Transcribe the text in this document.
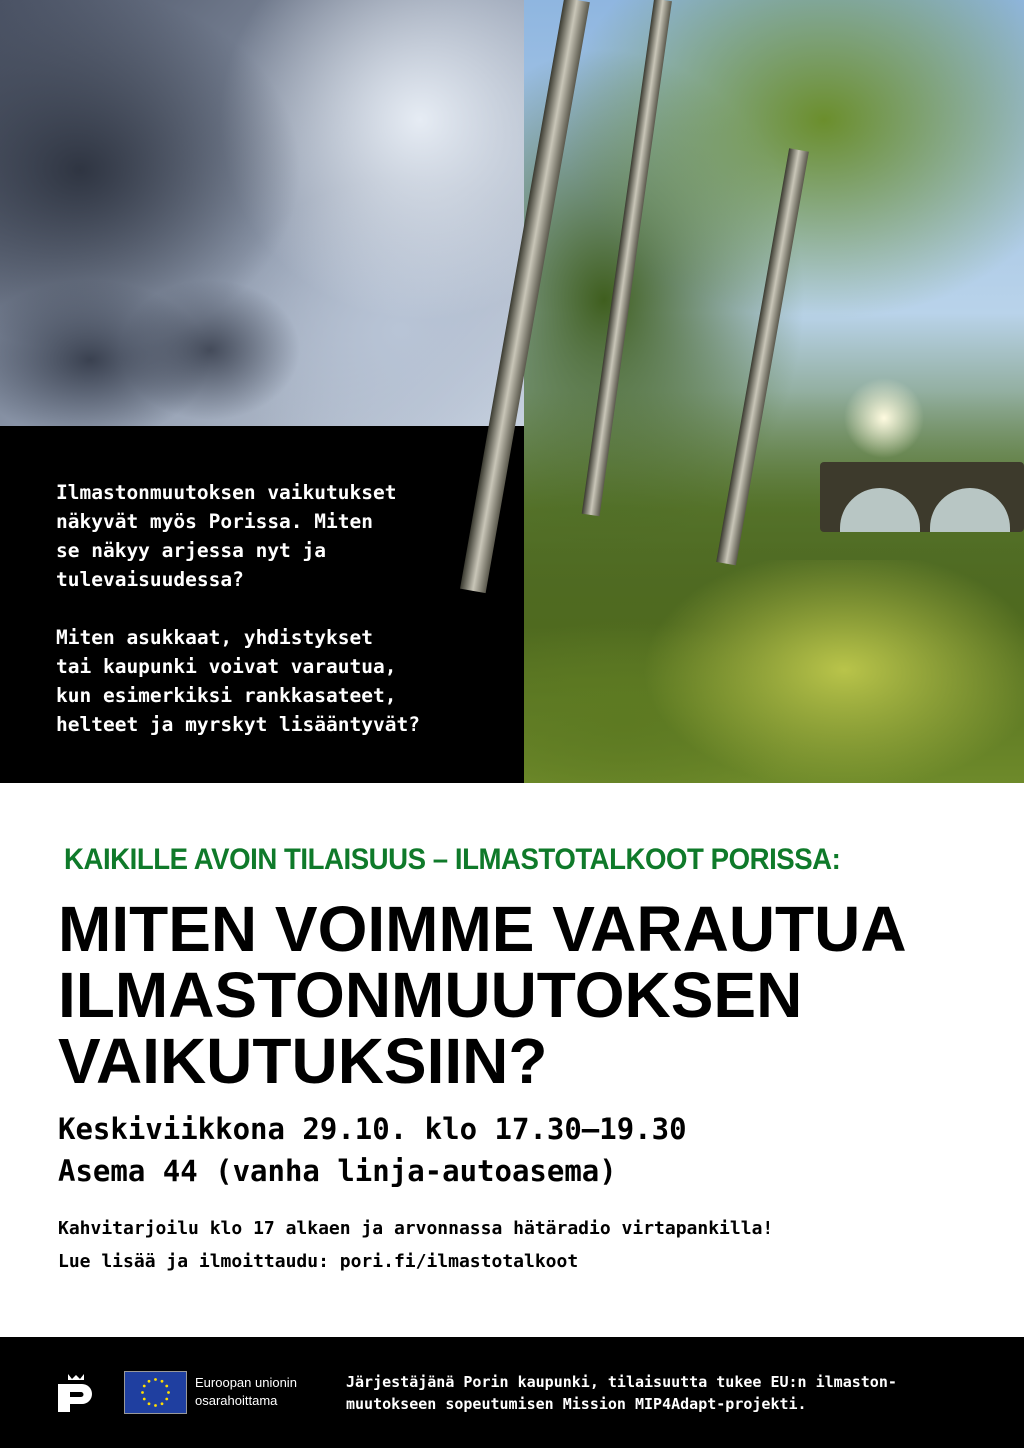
Ilmastonmuutoksen vaikutukset
näkyvät myös Porissa. Miten
se näkyy arjessa nyt ja
tulevaisuudessa?

Miten asukkaat, yhdistykset
tai kaupunki voivat varautua,
kun esimerkiksi rankkasateet,
helteet ja myrskyt lisääntyvät?
KAIKILLE AVOIN TILAISUUS – ILMASTOTALKOOT PORISSA:
MITEN VOIMME VARAUTUA
ILMASTONMUUTOKSEN
VAIKUTUKSIIN?
Keskiviikkona 29.10. klo 17.30–19.30
Asema 44 (vanha linja-autoasema)
Kahvitarjoilu klo 17 alkaen ja arvonnassa hätäradio virtapankilla!
Lue lisää ja ilmoittaudu: pori.fi/ilmastotalkoot
Euroopan unionin
osarahoittama
Järjestäjänä Porin kaupunki, tilaisuutta tukee EU:n ilmaston-
muutokseen sopeutumisen Mission MIP4Adapt-projekti.
